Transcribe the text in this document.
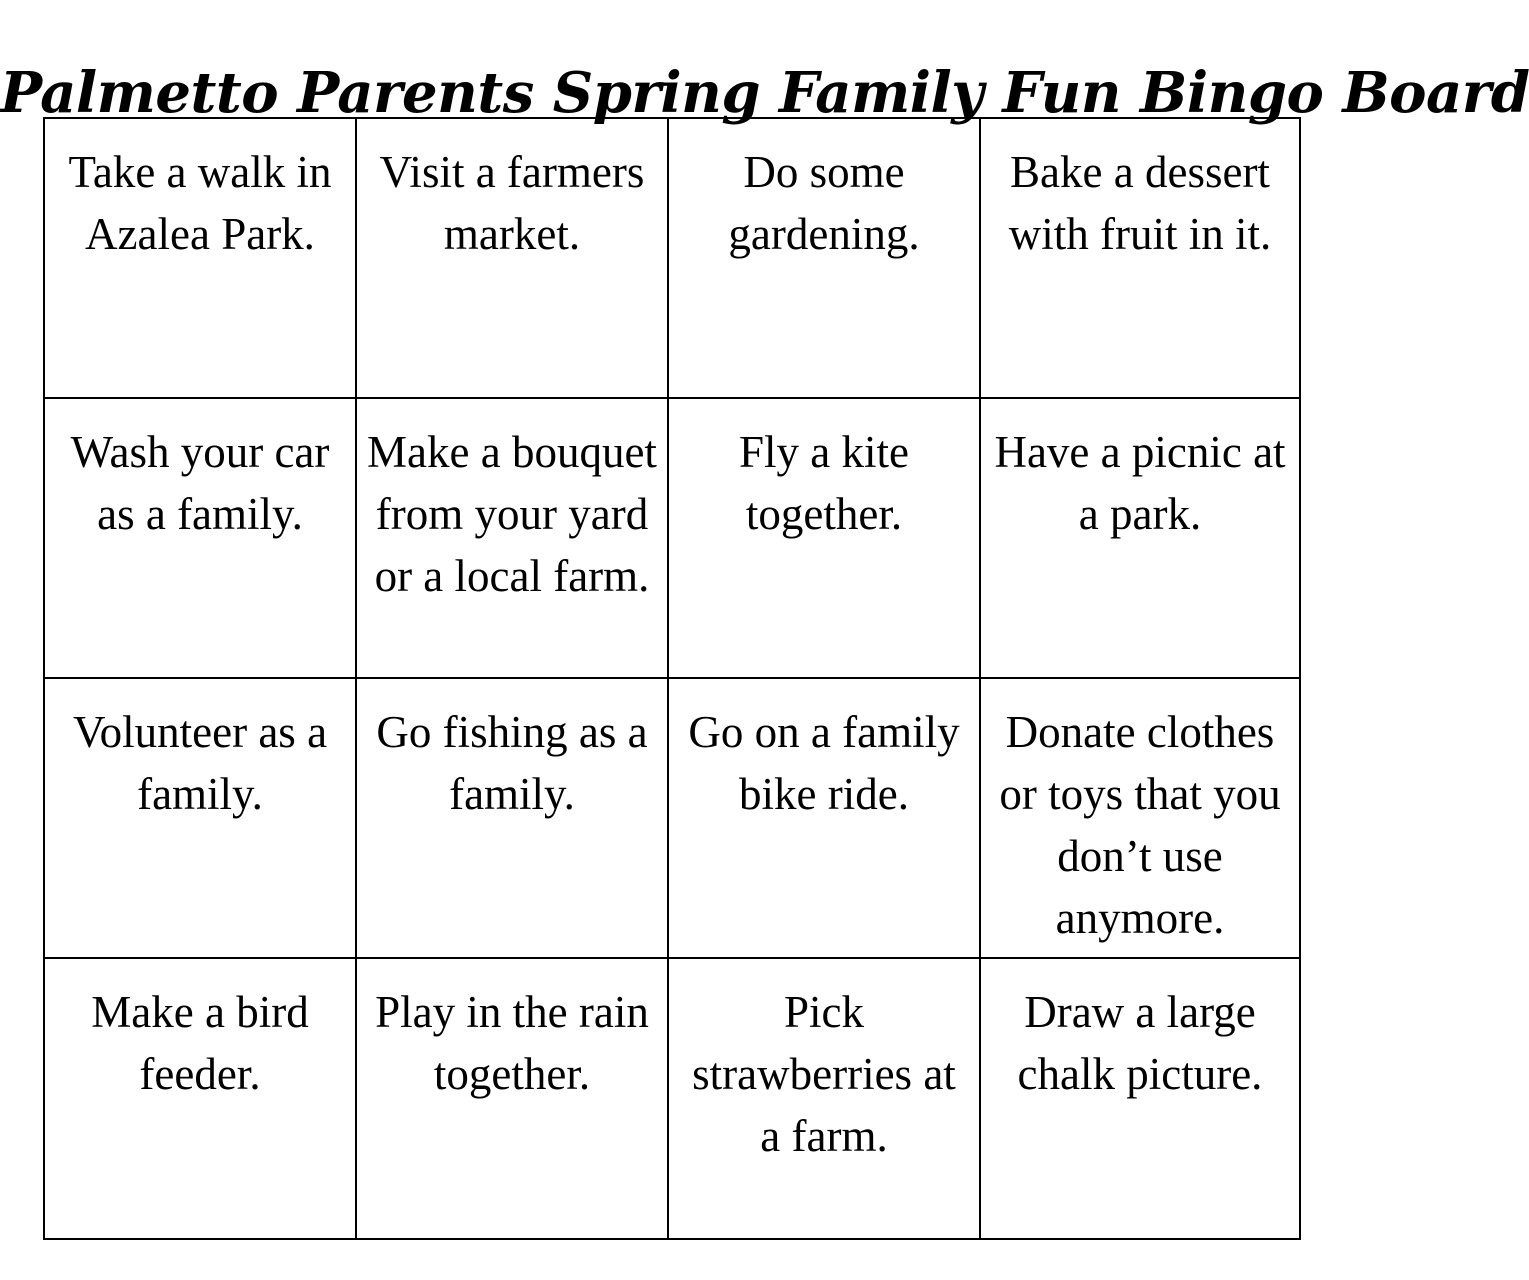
Palmetto Parents Spring Family Fun Bingo Board
Take a walk in Azalea Park.
Visit a farmers market.
Do some gardening.
Bake a dessert with fruit in it.
Wash your car as a family.
Make a bouquet from your yard or a local farm.
Fly a kite together.
Have a picnic at a park.
Volunteer as a family.
Go fishing as a family.
Go on a family bike ride.
Donate clothes or toys that you don’t use anymore.
Make a bird feeder.
Play in the rain together.
Pick strawberries at a farm.
Draw a large chalk picture.
